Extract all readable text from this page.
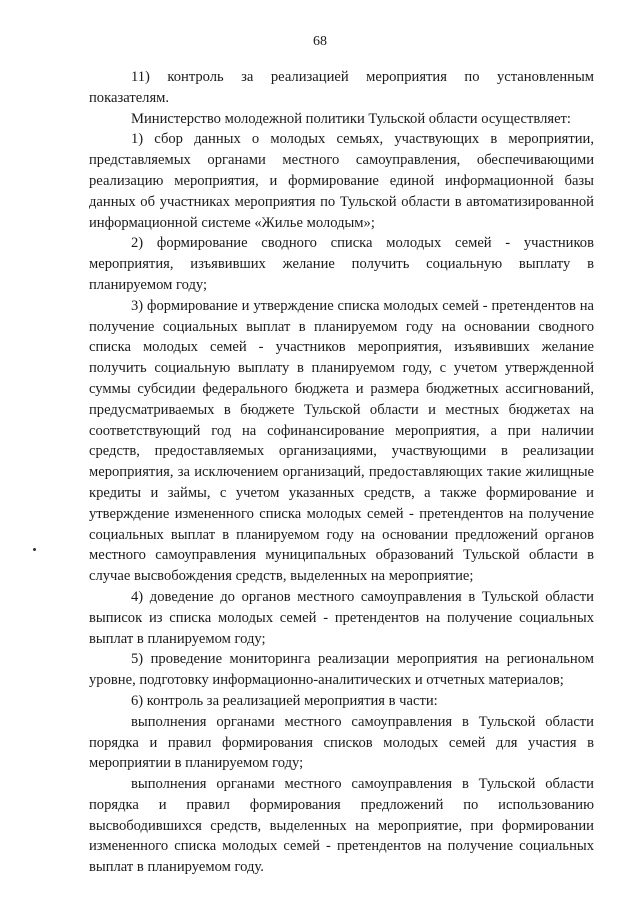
68

11) контроль за реализацией мероприятия по установленным показателям.

Министерство молодежной политики Тульской области осуществляет:

1) сбор данных о молодых семьях, участвующих в мероприятии, представляемых органами местного самоуправления, обеспечивающими реализацию мероприятия, и формирование единой информационной базы данных об участниках мероприятия по Тульской области в автоматизированной информационной системе «Жилье молодым»;

2) формирование сводного списка молодых семей - участников мероприятия, изъявивших желание получить социальную выплату в планируемом году;

3) формирование и утверждение списка молодых семей - претендентов на получение социальных выплат в планируемом году на основании сводного списка молодых семей - участников мероприятия, изъявивших желание получить социальную выплату в планируемом году, с учетом утвержденной суммы субсидии федерального бюджета и размера бюджетных ассигнований, предусматриваемых в бюджете Тульской области и местных бюджетах на соответствующий год на софинансирование мероприятия, а при наличии средств, предоставляемых организациями, участвующими в реализации мероприятия, за исключением организаций, предоставляющих такие жилищные кредиты и займы, с учетом указанных средств, а также формирование и утверждение измененного списка молодых семей - претендентов на получение социальных выплат в планируемом году на основании предложений органов местного самоуправления муниципальных образований Тульской области в случае высвобождения средств, выделенных на мероприятие;

4) доведение до органов местного самоуправления в Тульской области выписок из списка молодых семей - претендентов на получение социальных выплат в планируемом году;

5) проведение мониторинга реализации мероприятия на региональном уровне, подготовку информационно-аналитических и отчетных материалов;

6) контроль за реализацией мероприятия в части:

выполнения органами местного самоуправления в Тульской области порядка и правил формирования списков молодых семей для участия в мероприятии в планируемом году;

выполнения органами местного самоуправления в Тульской области порядка и правил формирования предложений по использованию высвободившихся средств, выделенных на мероприятие, при формировании измененного списка молодых семей - претендентов на получение социальных выплат в планируемом году.
